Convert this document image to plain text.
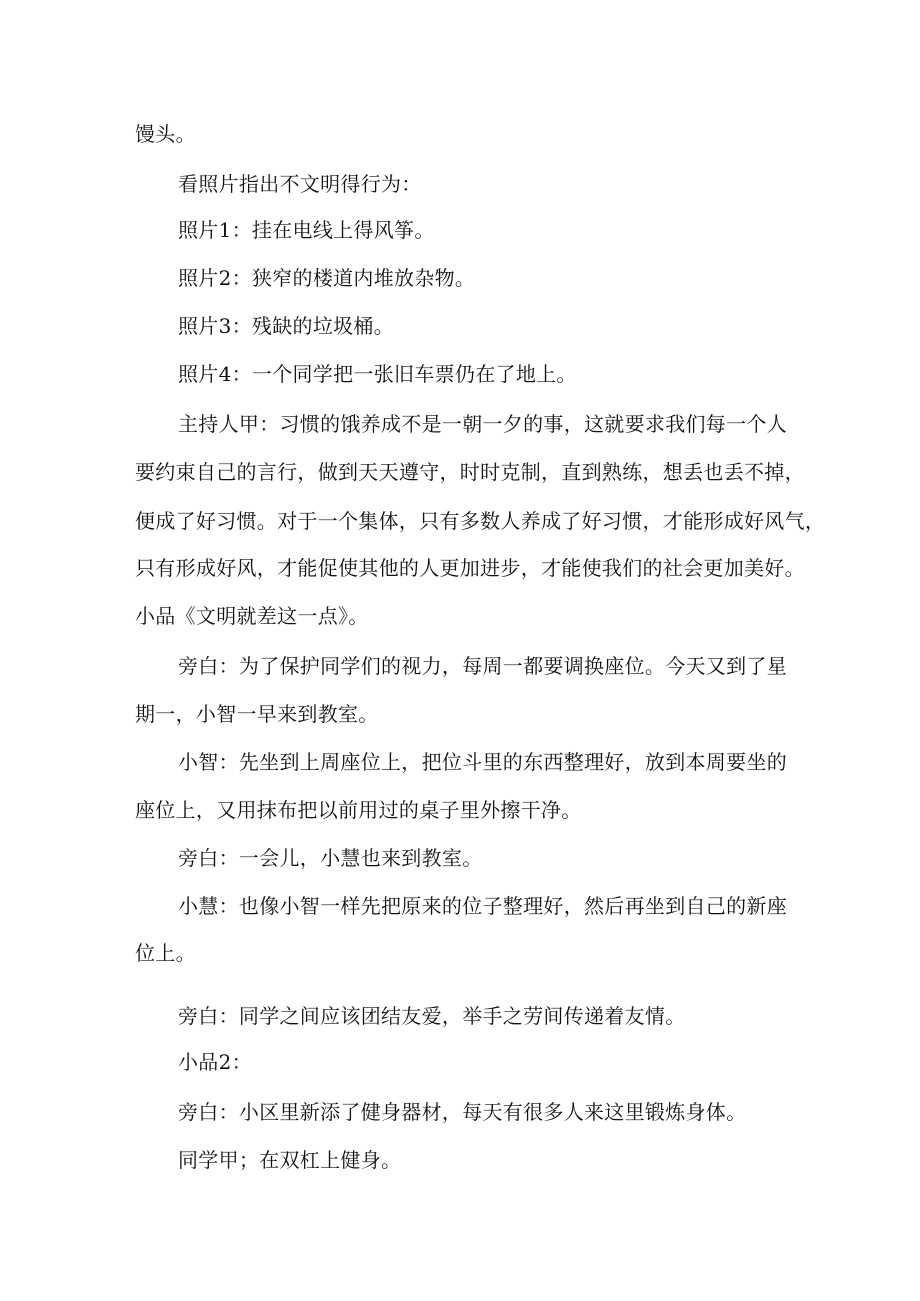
馒头。
看照片指出不文明得行为：
照片1：挂在电线上得风筝。
照片2：狭窄的楼道内堆放杂物。
照片3：残缺的垃圾桶。
照片4：一个同学把一张旧车票仍在了地上。
主持人甲：习惯的饿养成不是一朝一夕的事，这就要求我们每一个人
要约束自己的言行，做到天天遵守，时时克制，直到熟练，想丢也丢不掉，
便成了好习惯。对于一个集体，只有多数人养成了好习惯，才能形成好风气，
只有形成好风，才能促使其他的人更加进步，才能使我们的社会更加美好。
小品《文明就差这一点》。
旁白：为了保护同学们的视力，每周一都要调换座位。今天又到了星
期一，小智一早来到教室。
小智：先坐到上周座位上，把位斗里的东西整理好，放到本周要坐的
座位上，又用抹布把以前用过的桌子里外擦干净。
旁白：一会儿，小慧也来到教室。
小慧：也像小智一样先把原来的位子整理好，然后再坐到自己的新座
位上。
旁白：同学之间应该团结友爱，举手之劳间传递着友情。
小品2：
旁白：小区里新添了健身器材，每天有很多人来这里锻炼身体。
同学甲；在双杠上健身。
